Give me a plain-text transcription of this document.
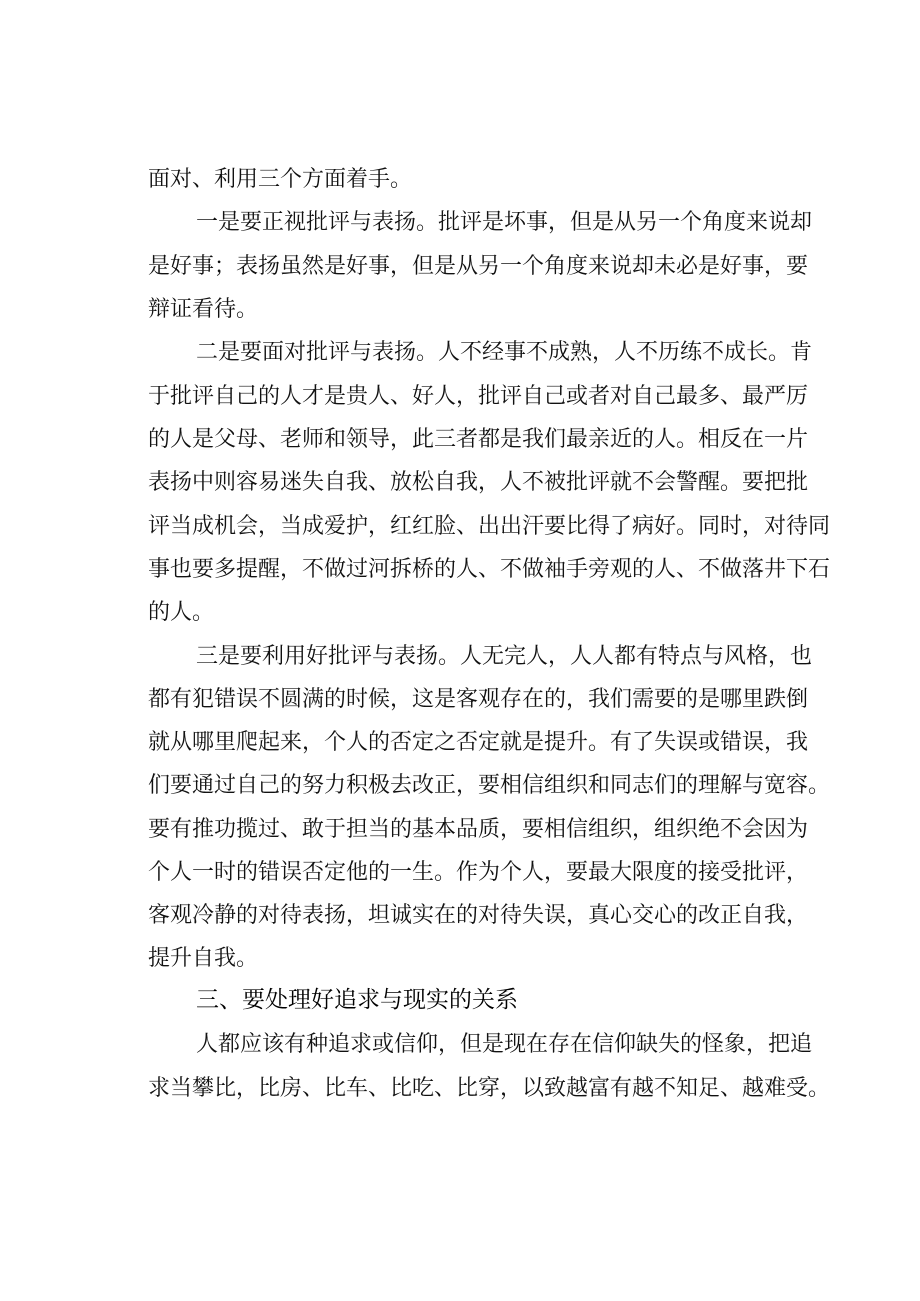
面对、利用三个方面着手。

一是要正视批评与表扬。批评是坏事，但是从另一个角度来说却

是好事；表扬虽然是好事，但是从另一个角度来说却未必是好事，要

辩证看待。

二是要面对批评与表扬。人不经事不成熟，人不历练不成长。肯

于批评自己的人才是贵人、好人，批评自己或者对自己最多、最严厉

的人是父母、老师和领导，此三者都是我们最亲近的人。相反在一片

表扬中则容易迷失自我、放松自我，人不被批评就不会警醒。要把批

评当成机会，当成爱护，红红脸、出出汗要比得了病好。同时，对待同

事也要多提醒，不做过河拆桥的人、不做袖手旁观的人、不做落井下石

的人。

三是要利用好批评与表扬。人无完人，人人都有特点与风格，也

都有犯错误不圆满的时候，这是客观存在的，我们需要的是哪里跌倒

就从哪里爬起来，个人的否定之否定就是提升。有了失误或错误，我

们要通过自己的努力积极去改正，要相信组织和同志们的理解与宽容。

要有推功揽过、敢于担当的基本品质，要相信组织，组织绝不会因为

个人一时的错误否定他的一生。作为个人，要最大限度的接受批评，

客观冷静的对待表扬，坦诚实在的对待失误，真心交心的改正自我，

提升自我。

三、要处理好追求与现实的关系

人都应该有种追求或信仰，但是现在存在信仰缺失的怪象，把追

求当攀比，比房、比车、比吃、比穿，以致越富有越不知足、越难受。
